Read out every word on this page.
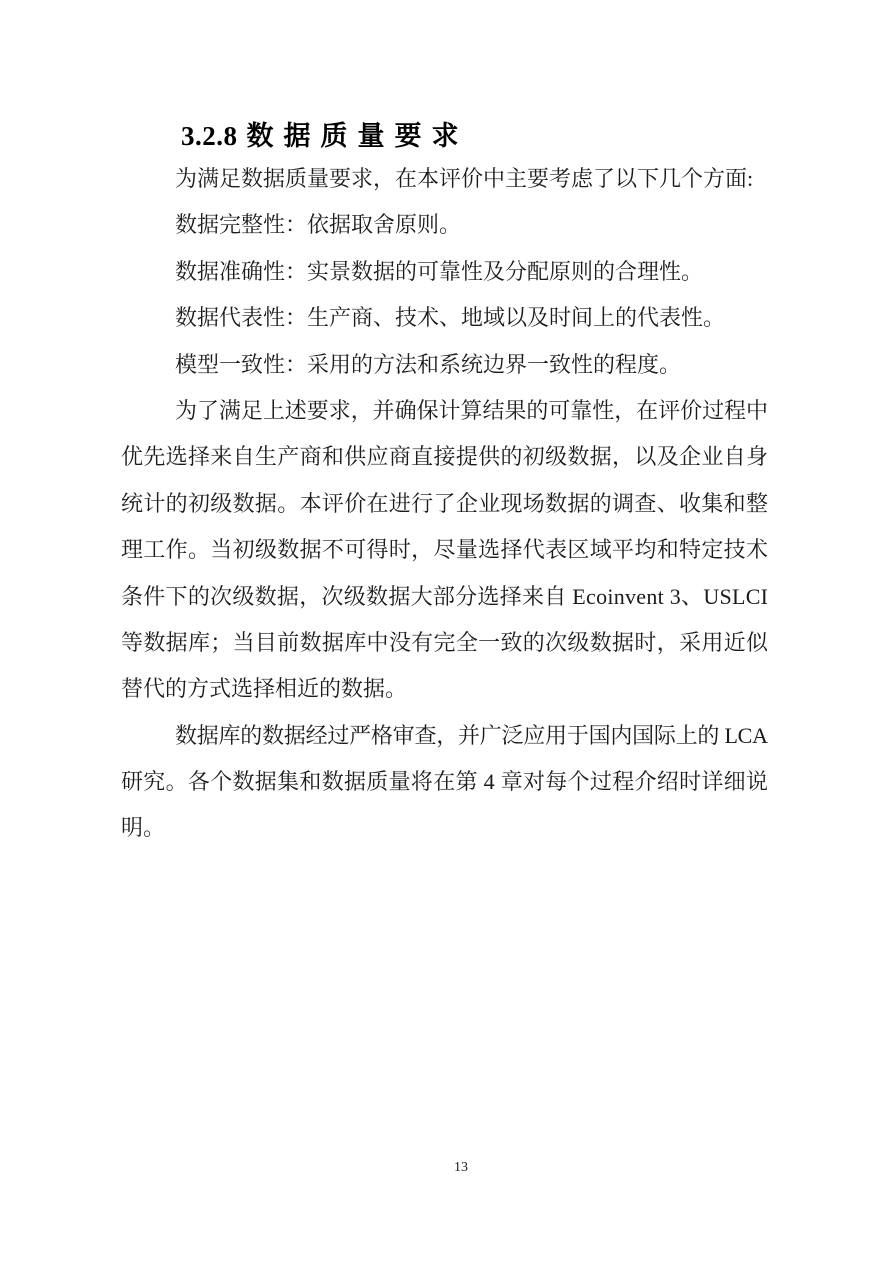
3.2.8 数据质量要求
为满足数据质量要求，在本评价中主要考虑了以下几个方面:
数据完整性：依据取舍原则。
数据准确性：实景数据的可靠性及分配原则的合理性。
数据代表性：生产商、技术、地域以及时间上的代表性。
模型一致性：采用的方法和系统边界一致性的程度。
为了满足上述要求，并确保计算结果的可靠性，在评价过程中
优先选择来自生产商和供应商直接提供的初级数据，以及企业自身
统计的初级数据。本评价在进行了企业现场数据的调查、收集和整
理工作。当初级数据不可得时，尽量选择代表区域平均和特定技术
条件下的次级数据，次级数据大部分选择来自 Ecoinvent 3、USLCI
等数据库；当目前数据库中没有完全一致的次级数据时，采用近似
替代的方式选择相近的数据。
数据库的数据经过严格审查，并广泛应用于国内国际上的 LCA
研究。各个数据集和数据质量将在第 4 章对每个过程介绍时详细说
明。
13
